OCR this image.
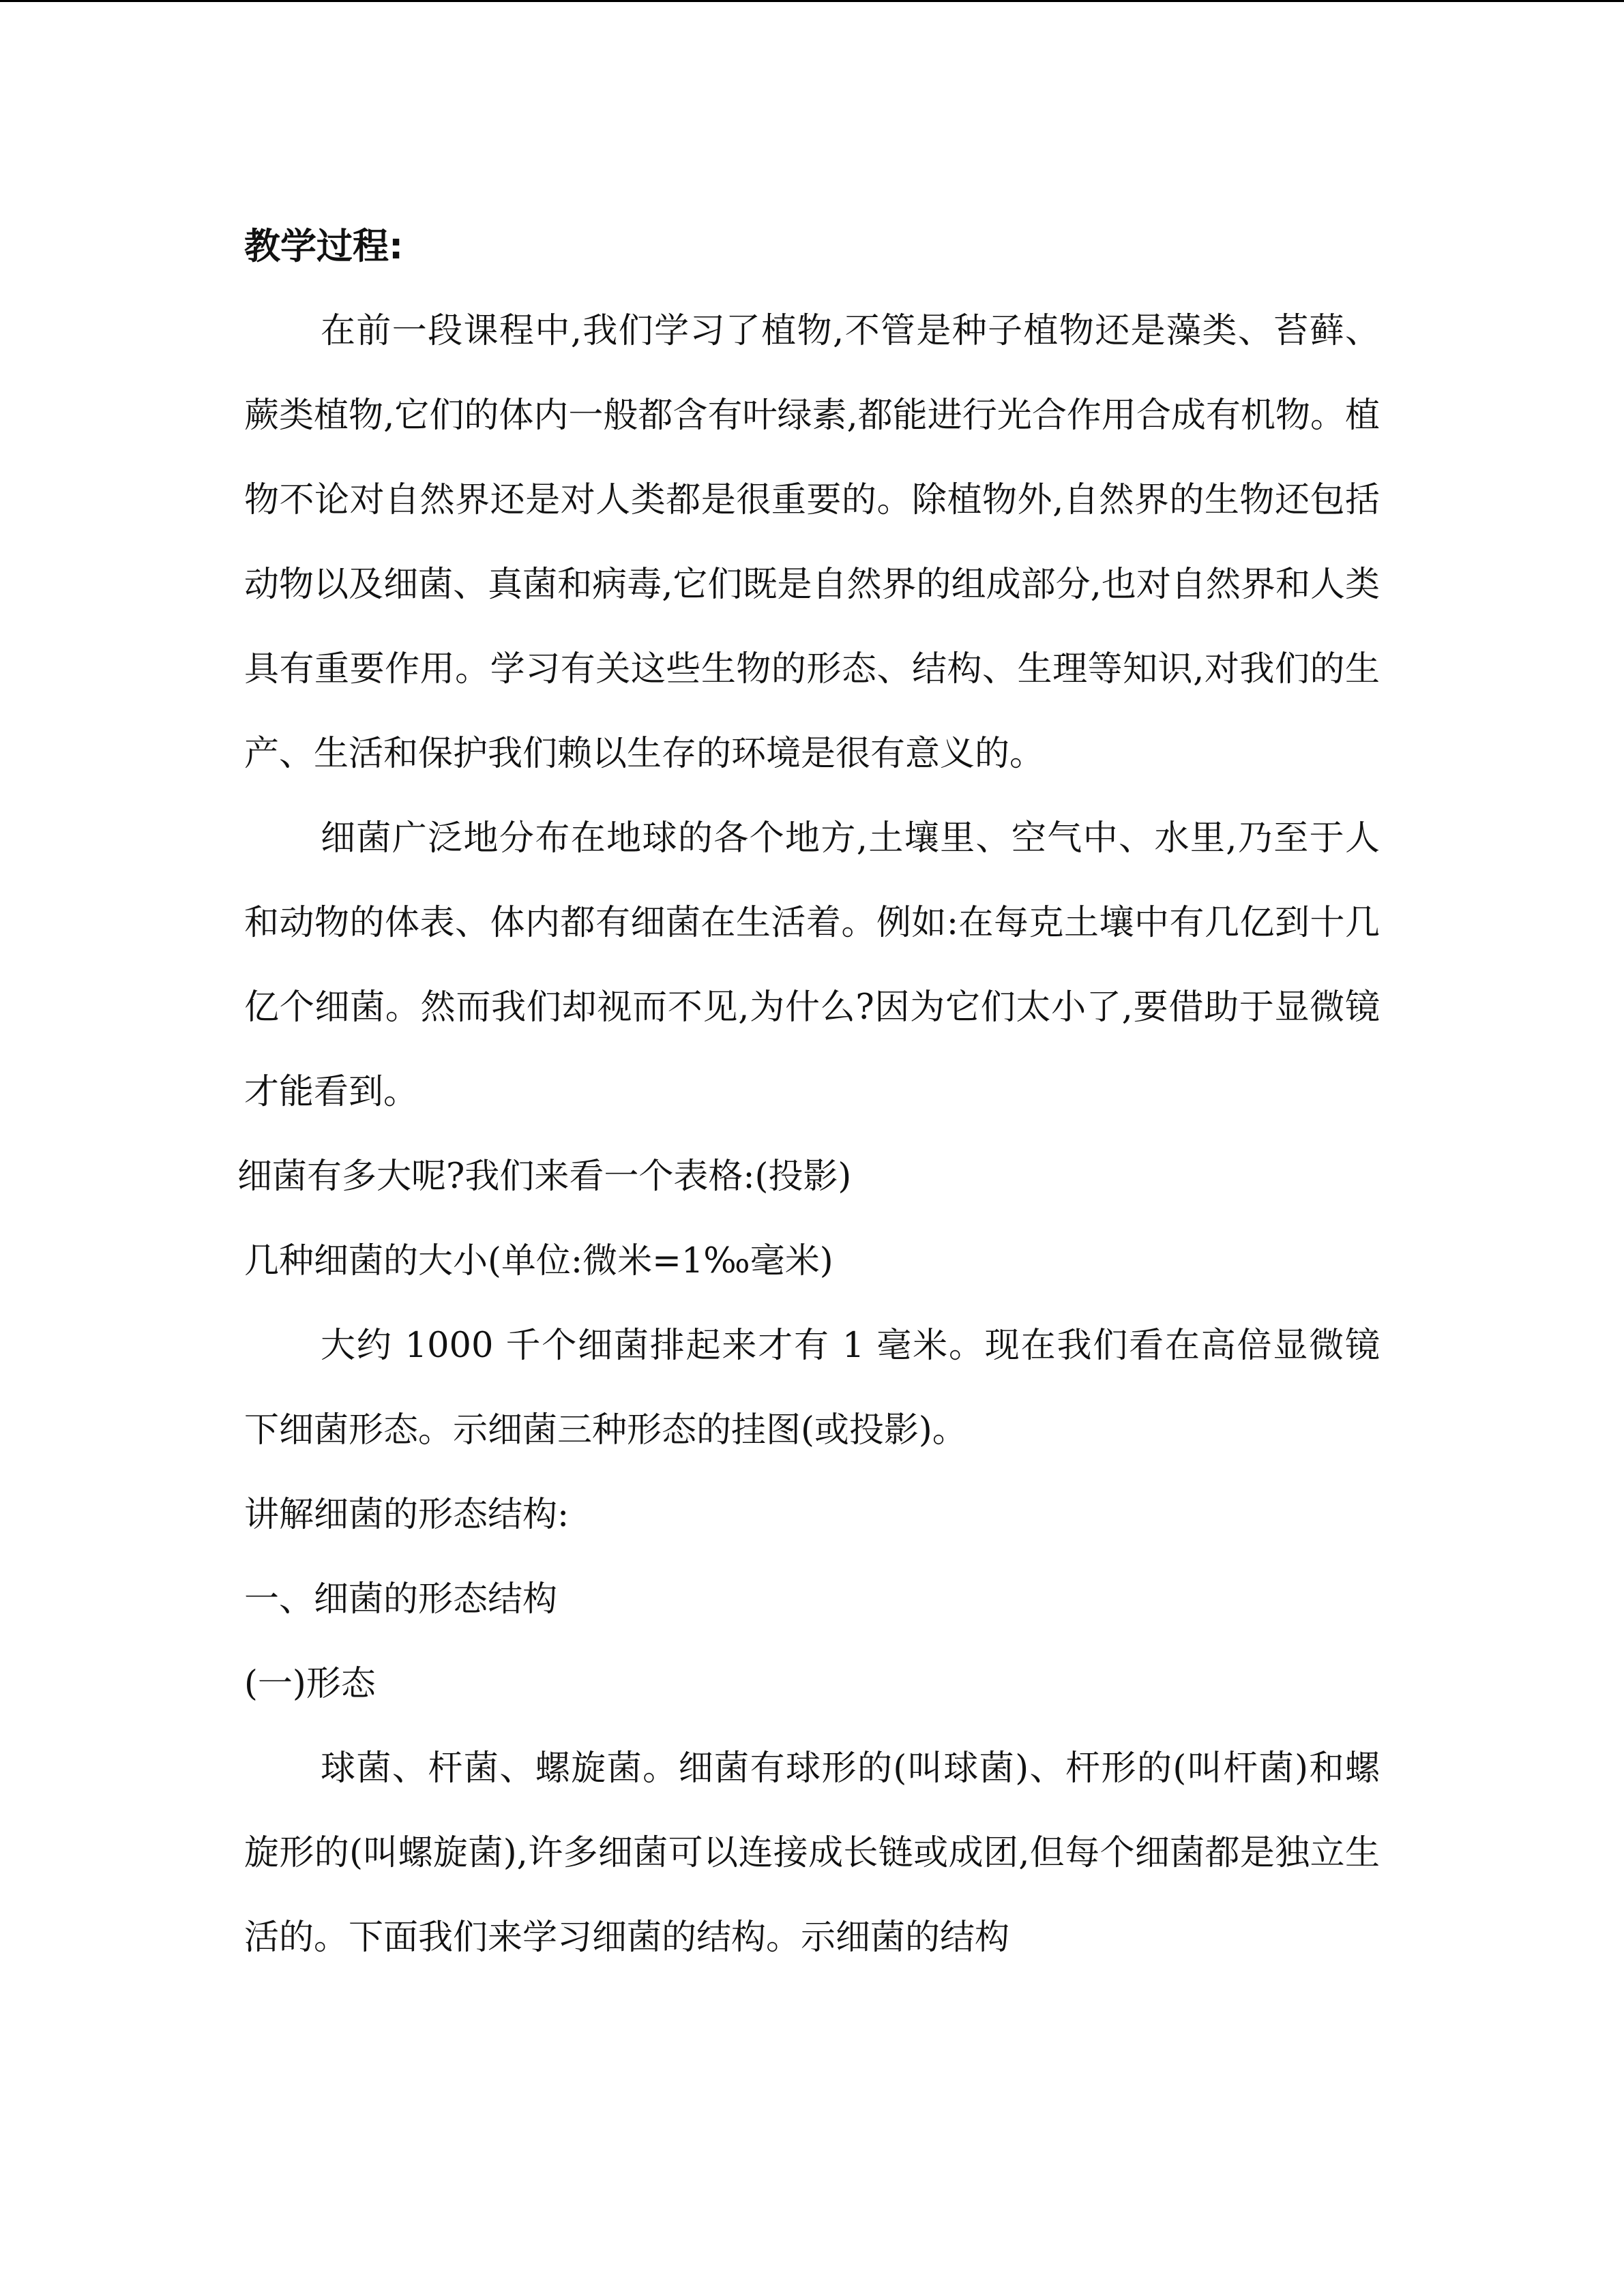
教学过程:

在前一段课程中,我们学习了植物,不管是种子植物还是藻类、苔藓、蕨类植物,它们的体内一般都含有叶绿素,都能进行光合作用合成有机物。植物不论对自然界还是对人类都是很重要的。除植物外,自然界的生物还包括动物以及细菌、真菌和病毒,它们既是自然界的组成部分,也对自然界和人类具有重要作用。学习有关这些生物的形态、结构、生理等知识,对我们的生产、生活和保护我们赖以生存的环境是很有意义的。

细菌广泛地分布在地球的各个地方,土壤里、空气中、水里,乃至于人和动物的体表、体内都有细菌在生活着。例如:在每克土壤中有几亿到十几亿个细菌。然而我们却视而不见,为什么?因为它们太小了,要借助于显微镜才能看到。

细菌有多大呢?我们来看一个表格:(投影)

几种细菌的大小(单位:微米=1‰毫米)

大约 1000 千个细菌排起来才有 1 毫米。现在我们看在高倍显微镜下细菌形态。示细菌三种形态的挂图(或投影)。

讲解细菌的形态结构:

一、细菌的形态结构

(一)形态

球菌、杆菌、螺旋菌。细菌有球形的(叫球菌)、杆形的(叫杆菌)和螺旋形的(叫螺旋菌),许多细菌可以连接成长链或成团,但每个细菌都是独立生活的。下面我们来学习细菌的结构。示细菌的结构
